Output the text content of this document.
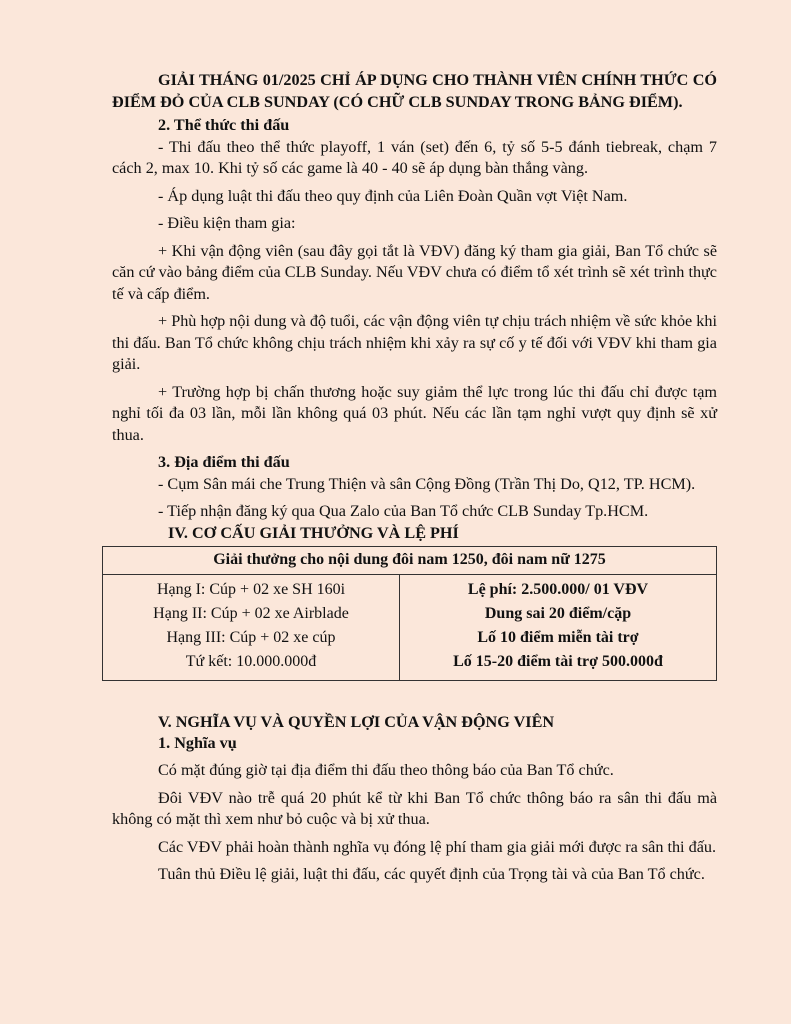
GIẢI THÁNG 01/2025 CHỈ ÁP DỤNG CHO THÀNH VIÊN CHÍNH THỨC CÓ ĐIỂM ĐỎ CỦA CLB SUNDAY (CÓ CHỮ CLB SUNDAY TRONG BẢNG ĐIỂM).

2. Thể thức thi đấu

- Thi đấu theo thể thức playoff, 1 ván (set) đến 6, tỷ số 5-5 đánh tiebreak, chạm 7 cách 2, max 10. Khi tỷ số các game là 40 - 40 sẽ áp dụng bàn thắng vàng.

- Áp dụng luật thi đấu theo quy định của Liên Đoàn Quần vợt Việt Nam.

- Điều kiện tham gia:

+ Khi vận động viên (sau đây gọi tắt là VĐV) đăng ký tham gia giải, Ban Tổ chức sẽ căn cứ vào bảng điểm của CLB Sunday. Nếu VĐV chưa có điểm tổ xét trình sẽ xét trình thực tế và cấp điểm.

+ Phù hợp nội dung và độ tuổi, các vận động viên tự chịu trách nhiệm về sức khỏe khi thi đấu. Ban Tổ chức không chịu trách nhiệm khi xảy ra sự cố y tế đối với VĐV khi tham gia giải.

+ Trường hợp bị chấn thương hoặc suy giảm thể lực trong lúc thi đấu chỉ được tạm nghỉ tối đa 03 lần, mỗi lần không quá 03 phút. Nếu các lần tạm nghỉ vượt quy định sẽ xử thua.

3. Địa điểm thi đấu

- Cụm Sân mái che Trung Thiện và sân Cộng Đồng (Trần Thị Do, Q12, TP. HCM).

- Tiếp nhận đăng ký qua Qua Zalo của Ban Tổ chức CLB Sunday Tp.HCM.

IV. CƠ CẤU GIẢI THƯỞNG VÀ LỆ PHÍ
Giải thưởng cho nội dung đôi nam 1250, đôi nam nữ 1275

Hạng I: Cúp + 02 xe SH 160i
Hạng II: Cúp + 02 xe Airblade
Hạng III: Cúp + 02 xe cúp
Tứ kết: 10.000.000đ

Lệ phí: 2.500.000/ 01 VĐV
Dung sai 20 điểm/cặp
Lố 10 điểm miễn tài trợ
Lố 15-20 điểm tài trợ 500.000đ
V. NGHĨA VỤ VÀ QUYỀN LỢI CỦA VẬN ĐỘNG VIÊN

1. Nghĩa vụ

Có mặt đúng giờ tại địa điểm thi đấu theo thông báo của Ban Tổ chức.

Đôi VĐV nào trễ quá 20 phút kể từ khi Ban Tổ chức thông báo ra sân thi đấu mà không có mặt thì xem như bỏ cuộc và bị xử thua.

Các VĐV phải hoàn thành nghĩa vụ đóng lệ phí tham gia giải mới được ra sân thi đấu.

Tuân thủ Điều lệ giải, luật thi đấu, các quyết định của Trọng tài và của Ban Tổ chức.
